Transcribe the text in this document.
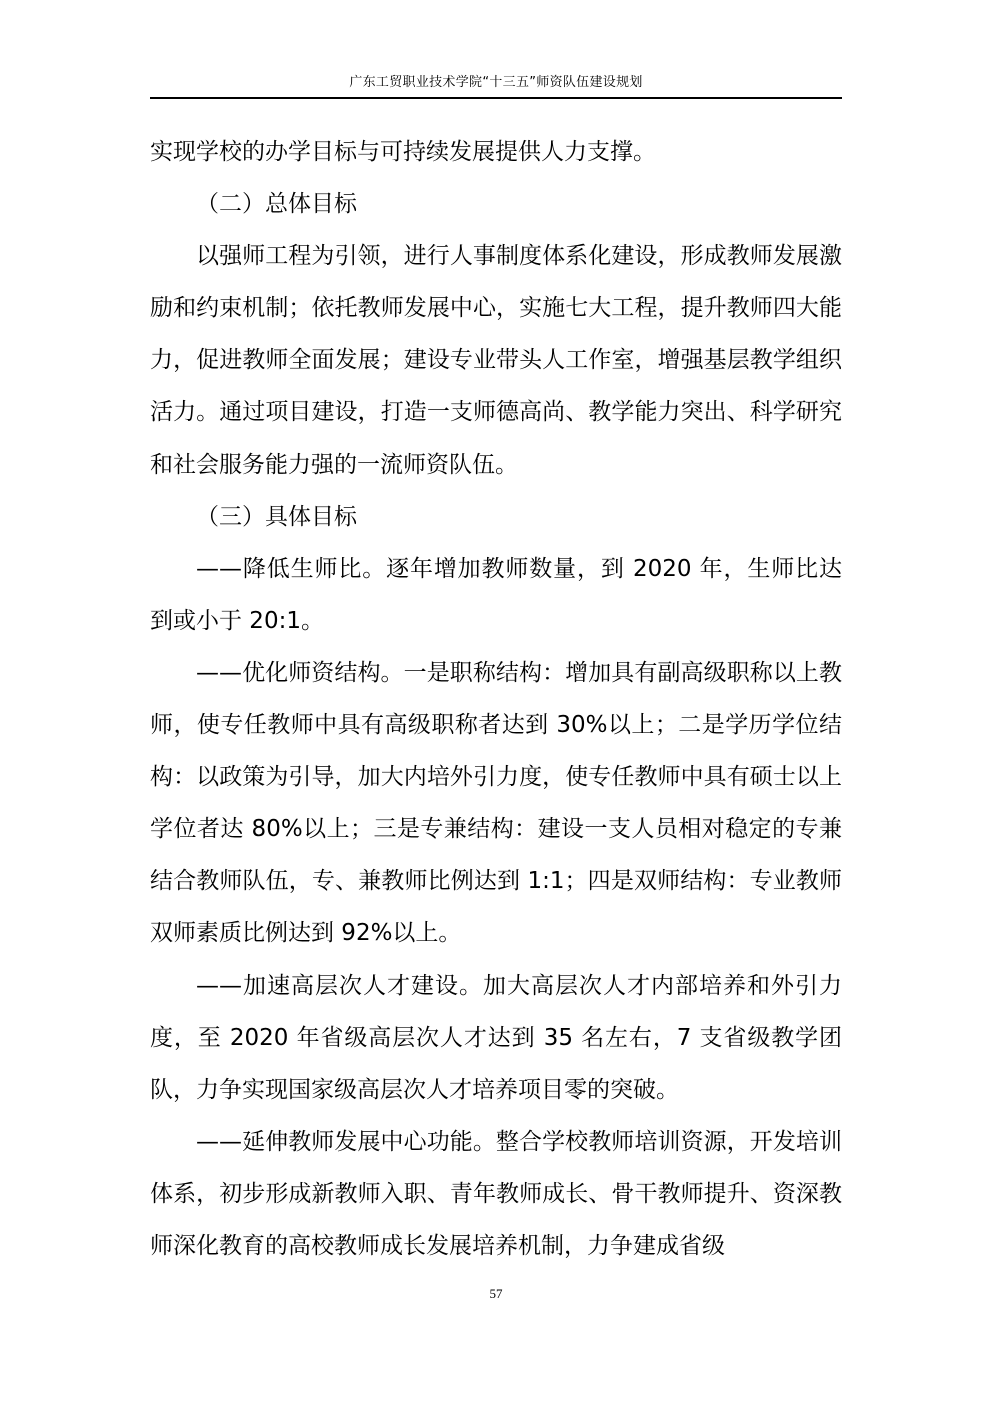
广东工贸职业技术学院“十三五”师资队伍建设规划

实现学校的办学目标与可持续发展提供人力支撑。

（二）总体目标

以强师工程为引领，进行人事制度体系化建设，形成教师发展激励和约束机制；依托教师发展中心，实施七大工程，提升教师四大能力，促进教师全面发展；建设专业带头人工作室，增强基层教学组织活力。通过项目建设，打造一支师德高尚、教学能力突出、科学研究和社会服务能力强的一流师资队伍。

（三）具体目标

——降低生师比。逐年增加教师数量，到 2020 年，生师比达到或小于 20:1。

——优化师资结构。一是职称结构：增加具有副高级职称以上教师，使专任教师中具有高级职称者达到 30%以上；二是学历学位结构：以政策为引导，加大内培外引力度，使专任教师中具有硕士以上学位者达 80%以上；三是专兼结构：建设一支人员相对稳定的专兼结合教师队伍，专、兼教师比例达到 1:1；四是双师结构：专业教师双师素质比例达到 92%以上。

——加速高层次人才建设。加大高层次人才内部培养和外引力度，至 2020 年省级高层次人才达到 35 名左右，7 支省级教学团队，力争实现国家级高层次人才培养项目零的突破。

——延伸教师发展中心功能。整合学校教师培训资源，开发培训体系，初步形成新教师入职、青年教师成长、骨干教师提升、资深教师深化教育的高校教师成长发展培养机制，力争建成省级

57
